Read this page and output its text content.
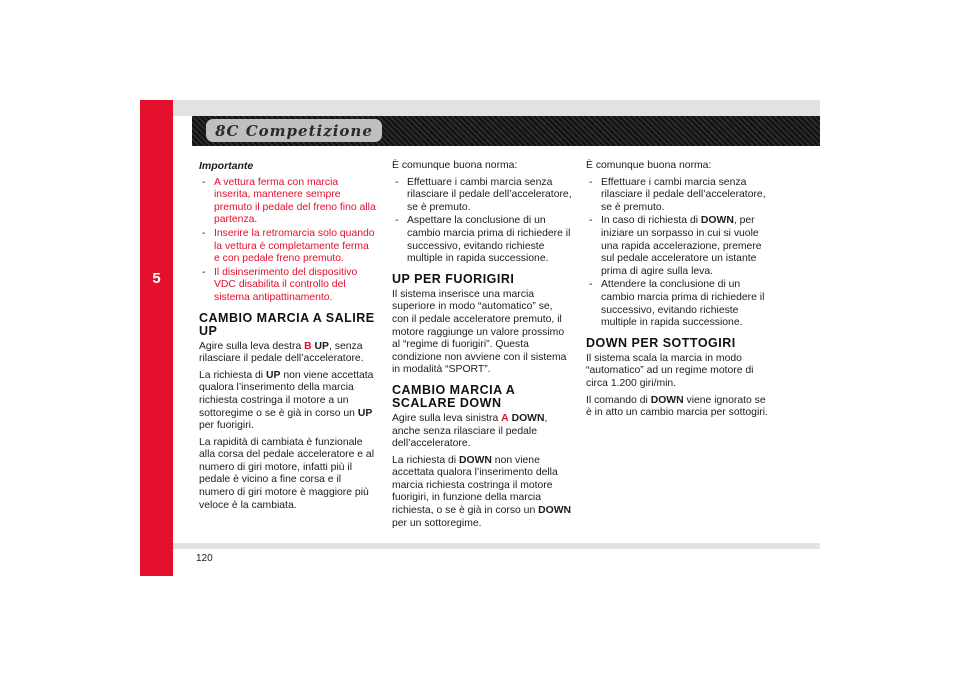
5
8C Competizione

Importante

- A vettura ferma con marcia inserita, mantenere sempre premuto il pedale del freno fino alla partenza.
- Inserire la retromarcia solo quando la vettura è completamente ferma e con pedale freno premuto.
- Il disinserimento del dispositivo VDC disabilita il controllo del sistema antipattinamento.
CAMBIO MARCIA A SALIRE UP

Agire sulla leva destra B UP, senza rilasciare il pedale dell’acceleratore.

La richiesta di UP non viene accettata qualora l’inserimento della marcia richiesta costringa il motore a un sottoregime o se è già in corso un UP per fuorigiri.

La rapidità di cambiata è funzionale alla corsa del pedale acceleratore e al numero di giri motore, infatti più il pedale è vicino a fine corsa e il numero di giri motore è maggiore più veloce è la cambiata.

È comunque buona norma:

- Effettuare i cambi marcia senza rilasciare il pedale dell’acceleratore, se è premuto.
- Aspettare la conclusione di un cambio marcia prima di richiedere il successivo, evitando richieste multiple in rapida successione.
UP PER FUORIGIRI

Il sistema inserisce una marcia superiore in modo “automatico” se, con il pedale acceleratore premuto, il motore raggiunge un valore prossimo al “regime di fuorigiri”. Questa condizione non avviene con il sistema in modalità “SPORT”.

CAMBIO MARCIA A SCALARE DOWN

Agire sulla leva sinistra A DOWN, anche senza rilasciare il pedale dell’acceleratore.

La richiesta di DOWN non viene accettata qualora l’inserimento della marcia richiesta costringa il motore fuorigiri, in funzione della marcia richiesta, o se è già in corso un DOWN per un sottoregime.

È comunque buona norma:

- Effettuare i cambi marcia senza rilasciare il pedale dell’acceleratore, se è premuto.
- In caso di richiesta di DOWN, per iniziare un sorpasso in cui si vuole una rapida accelerazione, premere sul pedale acceleratore un istante prima di agire sulla leva.
- Attendere la conclusione di un cambio marcia prima di richiedere il successivo, evitando richieste multiple in rapida successione.
DOWN PER SOTTOGIRI

Il sistema scala la marcia in modo “automatico” ad un regime motore di circa 1.200 giri/min.

Il comando di DOWN viene ignorato se è in atto un cambio marcia per sottogiri.

120
